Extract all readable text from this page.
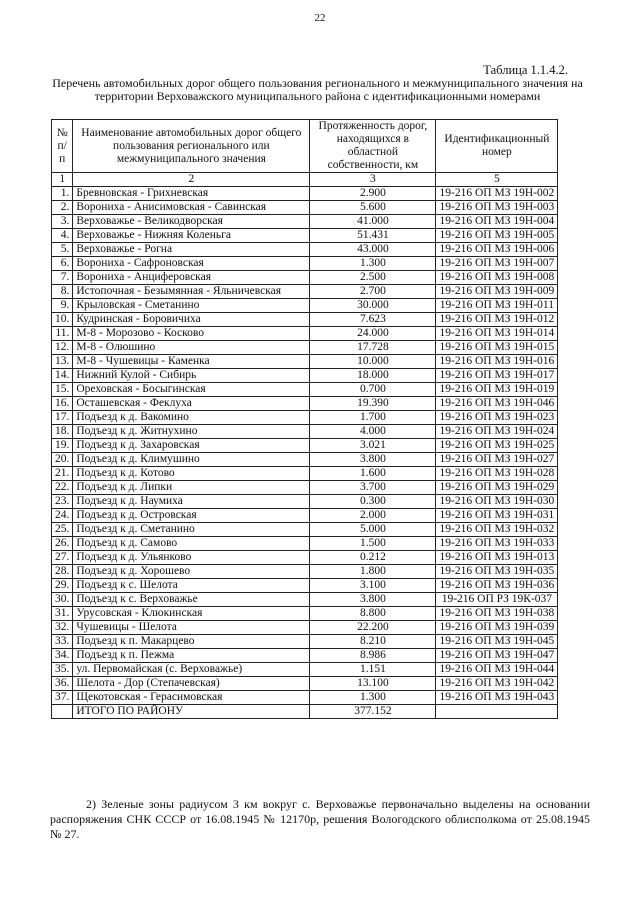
22
Таблица 1.1.4.2.
Перечень автомобильных дорог общего пользования регионального и межмуниципального значения на территории Верховажского муниципального района с идентификационными номерами
№ п/п	Наименование автомобильных дорог общего пользования регионального или межмуниципального значения	Протяженность дорог, находящихся в областной собственности, км	Идентификационный номер
1	2	3	5
1.	Бревновская - Грихневская	2.900	19-216 ОП МЗ 19Н-002
2.	Ворониха - Анисимовская - Савинская	5.600	19-216 ОП МЗ 19Н-003
3.	Верховажье - Великодворская	41.000	19-216 ОП МЗ 19Н-004
4.	Верховажье - Нижняя Коленьга	51.431	19-216 ОП МЗ 19Н-005
5.	Верховажье - Рогна	43.000	19-216 ОП МЗ 19Н-006
6.	Ворониха - Сафроновская	1.300	19-216 ОП МЗ 19Н-007
7.	Ворониха - Анциферовская	2.500	19-216 ОП МЗ 19Н-008
8.	Истопочная - Безымянная - Яльничевская	2.700	19-216 ОП МЗ 19Н-009
9.	Крыловская - Сметанино	30.000	19-216 ОП МЗ 19Н-011
10.	Кудринская - Боровичиха	7.623	19-216 ОП МЗ 19Н-012
11.	М-8 - Морозово - Косково	24.000	19-216 ОП МЗ 19Н-014
12.	М-8 - Олюшино	17.728	19-216 ОП МЗ 19Н-015
13.	М-8 - Чушевицы - Каменка	10.000	19-216 ОП МЗ 19Н-016
14.	Нижний Кулой - Сибирь	18.000	19-216 ОП МЗ 19Н-017
15.	Ореховская - Босыгинская	0.700	19-216 ОП МЗ 19Н-019
16.	Осташевская - Феклуха	19.390	19-216 ОП МЗ 19Н-046
17.	Подъезд к д. Вакомино	1.700	19-216 ОП МЗ 19Н-023
18.	Подъезд к д. Житнухино	4.000	19-216 ОП МЗ 19Н-024
19.	Подъезд к д. Захаровская	3.021	19-216 ОП МЗ 19Н-025
20.	Подъезд к д. Климушино	3.800	19-216 ОП МЗ 19Н-027
21.	Подъезд к д. Котово	1.600	19-216 ОП МЗ 19Н-028
22.	Подъезд к д. Липки	3.700	19-216 ОП МЗ 19Н-029
23.	Подъезд к д. Наумиха	0.300	19-216 ОП МЗ 19Н-030
24.	Подъезд к д. Островская	2.000	19-216 ОП МЗ 19Н-031
25.	Подъезд к д. Сметанино	5.000	19-216 ОП МЗ 19Н-032
26.	Подъезд к д. Самово	1.500	19-216 ОП МЗ 19Н-033
27.	Подъезд к д. Ульянково	0.212	19-216 ОП МЗ 19Н-013
28.	Подъезд к д. Хорошево	1.800	19-216 ОП МЗ 19Н-035
29.	Подъезд к с. Шелота	3.100	19-216 ОП МЗ 19Н-036
30.	Подъезд к с. Верховажье	3.800	19-216 ОП РЗ 19К-037
31.	Урусовская - Клюкинская	8.800	19-216 ОП МЗ 19Н-038
32.	Чушевицы - Шелота	22.200	19-216 ОП МЗ 19Н-039
33.	Подъезд к п. Макарцево	8.210	19-216 ОП МЗ 19Н-045
34.	Подъезд к п. Пежма	8.986	19-216 ОП МЗ 19Н-047
35.	ул. Первомайская (с. Верховажье)	1.151	19-216 ОП МЗ 19Н-044
36.	Шелота - Дор (Степачевская)	13.100	19-216 ОП МЗ 19Н-042
37.	Щекотовская - Герасимовская	1.300	19-216 ОП МЗ 19Н-043
	ИТОГО ПО РАЙОНУ	377.152	
2) Зеленые зоны радиусом 3 км вокруг с. Верховажье первоначально выделены на основании распоряжения СНК СССР от 16.08.1945 № 12170р, решения Вологодского облисполкома от 25.08.1945 № 27.
